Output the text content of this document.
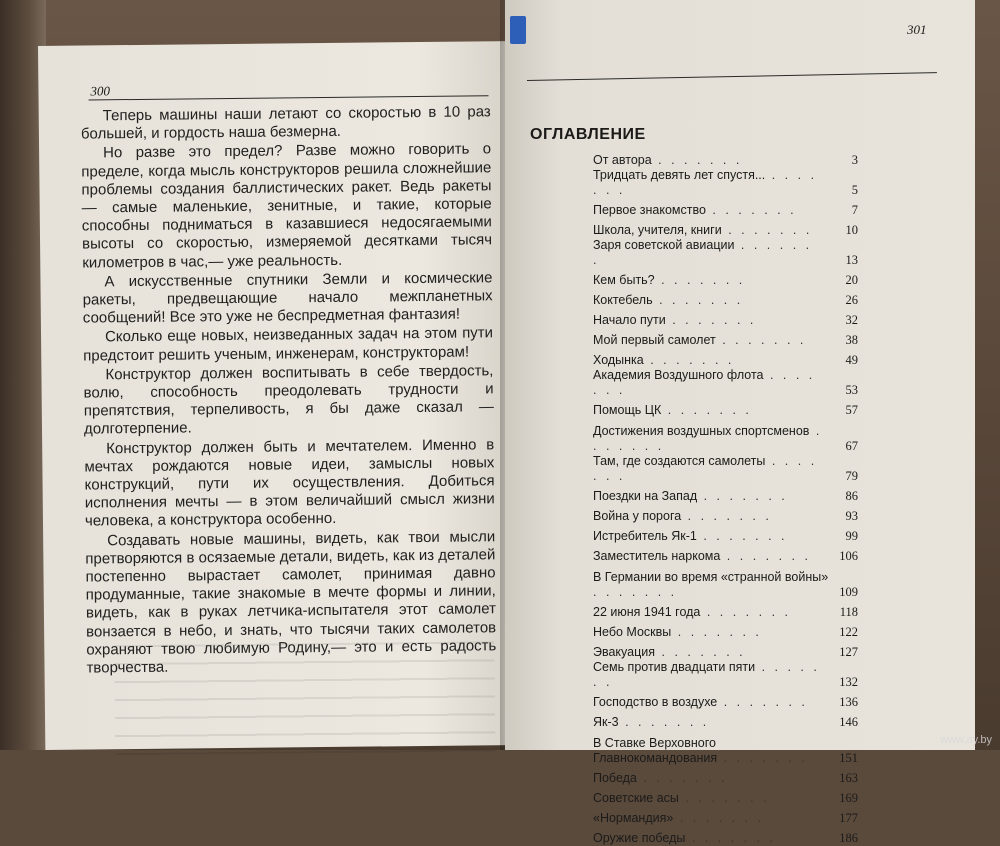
300

Теперь машины наши летают со скоростью в 10 раз большей, и гордость наша безмерна.

Но разве это предел? Разве можно говорить о пределе, когда мысль конструкторов решила сложнейшие проблемы создания баллистических ракет. Ведь ракеты — самые маленькие, зенитные, и такие, которые способны подниматься в казавшиеся недосягаемыми высоты со скоростью, измеряемой десятками тысяч километров в час,— уже реальность.

А искусственные спутники Земли и космические ракеты, предвещающие начало межпланетных сообщений! Все это уже не беспредметная фантазия!

Сколько еще новых, неизведанных задач на этом пути предстоит решить ученым, инженерам, конструкторам!

Конструктор должен воспитывать в себе твердость, волю, способность преодолевать трудности и препятствия, терпеливость, я бы даже сказал — долготерпение.

Конструктор должен быть и мечтателем. Именно в мечтах рождаются новые идеи, замыслы новых конструкций, пути их осуществления. Добиться исполнения мечты — в этом величайший смысл жизни человека, а конструктора особенно.

Создавать новые машины, видеть, как твои мысли претворяются в осязаемые детали, видеть, как из деталей постепенно вырастает самолет, принимая давно продуманные, такие знакомые в мечте формы и линии, видеть, как в руках летчика-испытателя этот самолет вонзается в небо, и знать, что тысячи таких самолетов охраняют твою любимую Родину,— это и есть радость творчества.

301
ОГЛАВЛЕНИЕ
От автора . . . . . . .	3
Тридцать девять лет спустя... . . . . . . .	5
Первое знакомство . . . . . . .	7
Школа, учителя, книги . . . . . . .	10
Заря советской авиации . . . . . . .	13
Кем быть? . . . . . . .	20
Коктебель . . . . . . .	26
Начало пути . . . . . . .	32
Мой первый самолет . . . . . . .	38
Ходынка . . . . . . .	49
Академия Воздушного флота . . . . . . .	53
Помощь ЦК . . . . . . .	57
Достижения воздушных спортсменов . . . . . . .	67
Там, где создаются самолеты . . . . . . .	79
Поездки на Запад . . . . . . .	86
Война у порога . . . . . . .	93
Истребитель Як-1 . . . . . . .	99
Заместитель наркома . . . . . . .	106
В Германии во время «странной войны» . . . . . . .	109
22 июня 1941 года . . . . . . .	118
Небо Москвы . . . . . . .	122
Эвакуация . . . . . . .	127
Семь против двадцати пяти . . . . . . .	132
Господство в воздухе . . . . . . .	136
Як-3 . . . . . . .	146
В Ставке Верховного Главнокомандования . . . . . . .	151
Победа . . . . . . .	163
Советские асы . . . . . . .	169
«Нормандия» . . . . . . .	177
Оружие победы . . . . . . .	186
www.ay.by
